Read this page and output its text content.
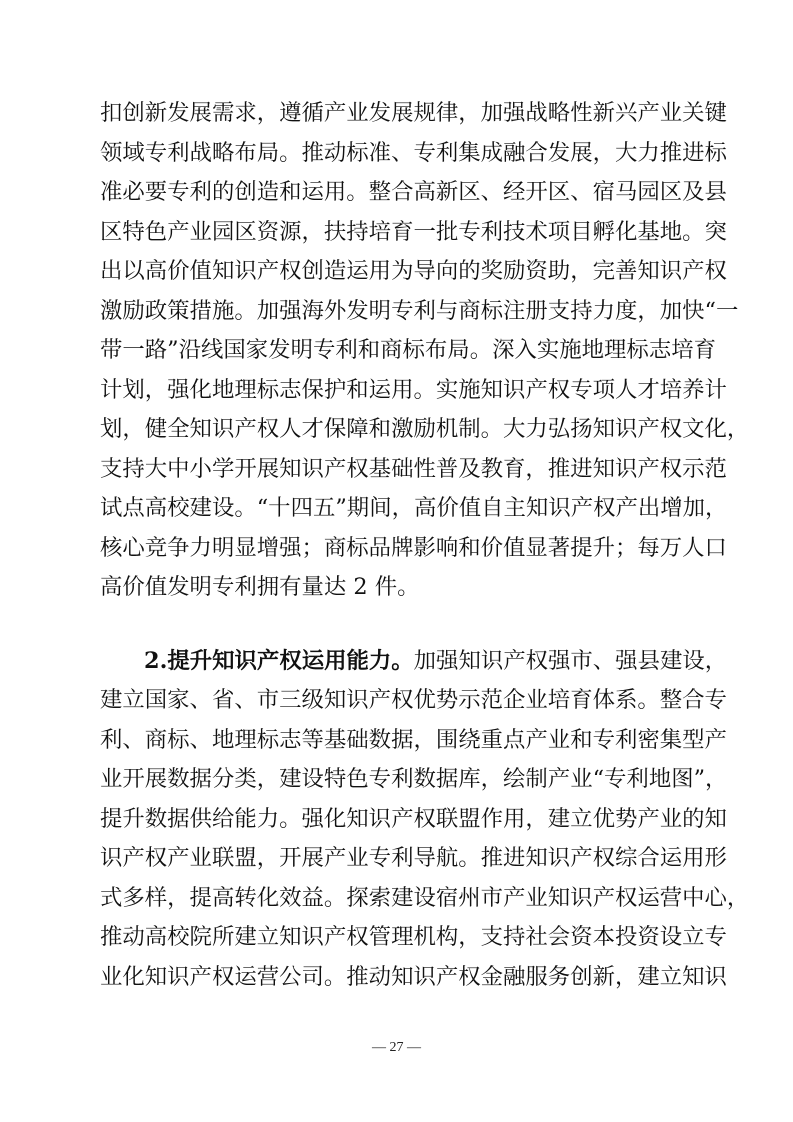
扣创新发展需求，遵循产业发展规律，加强战略性新兴产业关键
领域专利战略布局。推动标准、专利集成融合发展，大力推进标
准必要专利的创造和运用。整合高新区、经开区、宿马园区及县
区特色产业园区资源，扶持培育一批专利技术项目孵化基地。突
出以高价值知识产权创造运用为导向的奖励资助，完善知识产权
激励政策措施。加强海外发明专利与商标注册支持力度，加快“一
带一路”沿线国家发明专利和商标布局。深入实施地理标志培育
计划，强化地理标志保护和运用。实施知识产权专项人才培养计
划，健全知识产权人才保障和激励机制。大力弘扬知识产权文化，
支持大中小学开展知识产权基础性普及教育，推进知识产权示范
试点高校建设。“十四五”期间，高价值自主知识产权产出增加，
核心竞争力明显增强；商标品牌影响和价值显著提升；每万人口
高价值发明专利拥有量达 2 件。
2.提升知识产权运用能力。加强知识产权强市、强县建设，
建立国家、省、市三级知识产权优势示范企业培育体系。整合专
利、商标、地理标志等基础数据，围绕重点产业和专利密集型产
业开展数据分类，建设特色专利数据库，绘制产业“专利地图”，
提升数据供给能力。强化知识产权联盟作用，建立优势产业的知
识产权产业联盟，开展产业专利导航。推进知识产权综合运用形
式多样，提高转化效益。探索建设宿州市产业知识产权运营中心，
推动高校院所建立知识产权管理机构，支持社会资本投资设立专
业化知识产权运营公司。推动知识产权金融服务创新，建立知识
— 27 —
